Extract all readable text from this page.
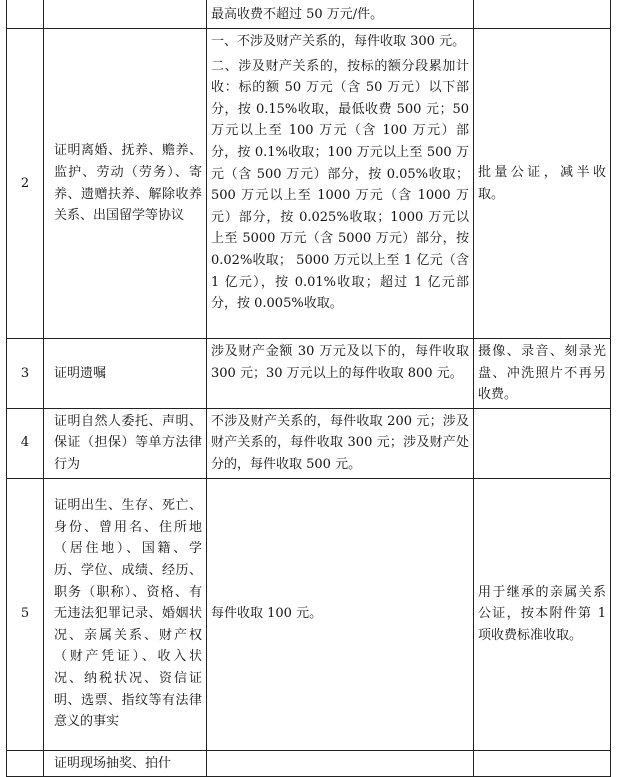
		最高收费不超过 50 万元/件。	

2	证明离婚、抚养、赡养、监护、劳动（劳务）、寄养、遗赠扶养、解除收养关系、出国留学等协议	一、不涉及财产关系的，每件收取 300 元。

二、涉及财产关系的，按标的额分段累加计收：标的额 50 万元（含 50 万元）以下部分，按 0.15%收取，最低收费 500 元；50 万元以上至 100 万元（含 100 万元）部分，按 0.1%收取；100 万元以上至 500 万元（含 500 万元）部分，按 0.05%收取；500 万元以上至 1000 万元（含 1000 万元）部分，按 0.025%收取；1000 万元以上至 5000 万元（含 5000 万元）部分，按 0.02%收取； 5000 万元以上至 1 亿元（含 1 亿元），按 0.01%收取；超过 1 亿元部分，按 0.005%收取。	批量公证，减半收取。
3	证明遗嘱	涉及财产金额 30 万元及以下的，每件收取 300 元；30 万元以上的每件收取 800 元。	摄像、录音、刻录光盘、冲洗照片不再另收费。
4	证明自然人委托、声明、保证（担保）等单方法律行为	不涉及财产关系的，每件收取 200 元；涉及财产关系的，每件收取 300 元；涉及财产处分的，每件收取 500 元。	

5	证明出生、生存、死亡、身份、曾用名、住所地（居住地）、国籍、学历、学位、成绩、经历、职务（职称）、资格、有无违法犯罪记录、婚姻状况、亲属关系、财产权（财产凭证）、收入状况、纳税状况、资信证明、选票、指纹等有法律意义的事实	每件收取 100 元。	用于继承的亲属关系公证，按本附件第 1 项收费标准收取。
	证明现场抽奖、拍什	
